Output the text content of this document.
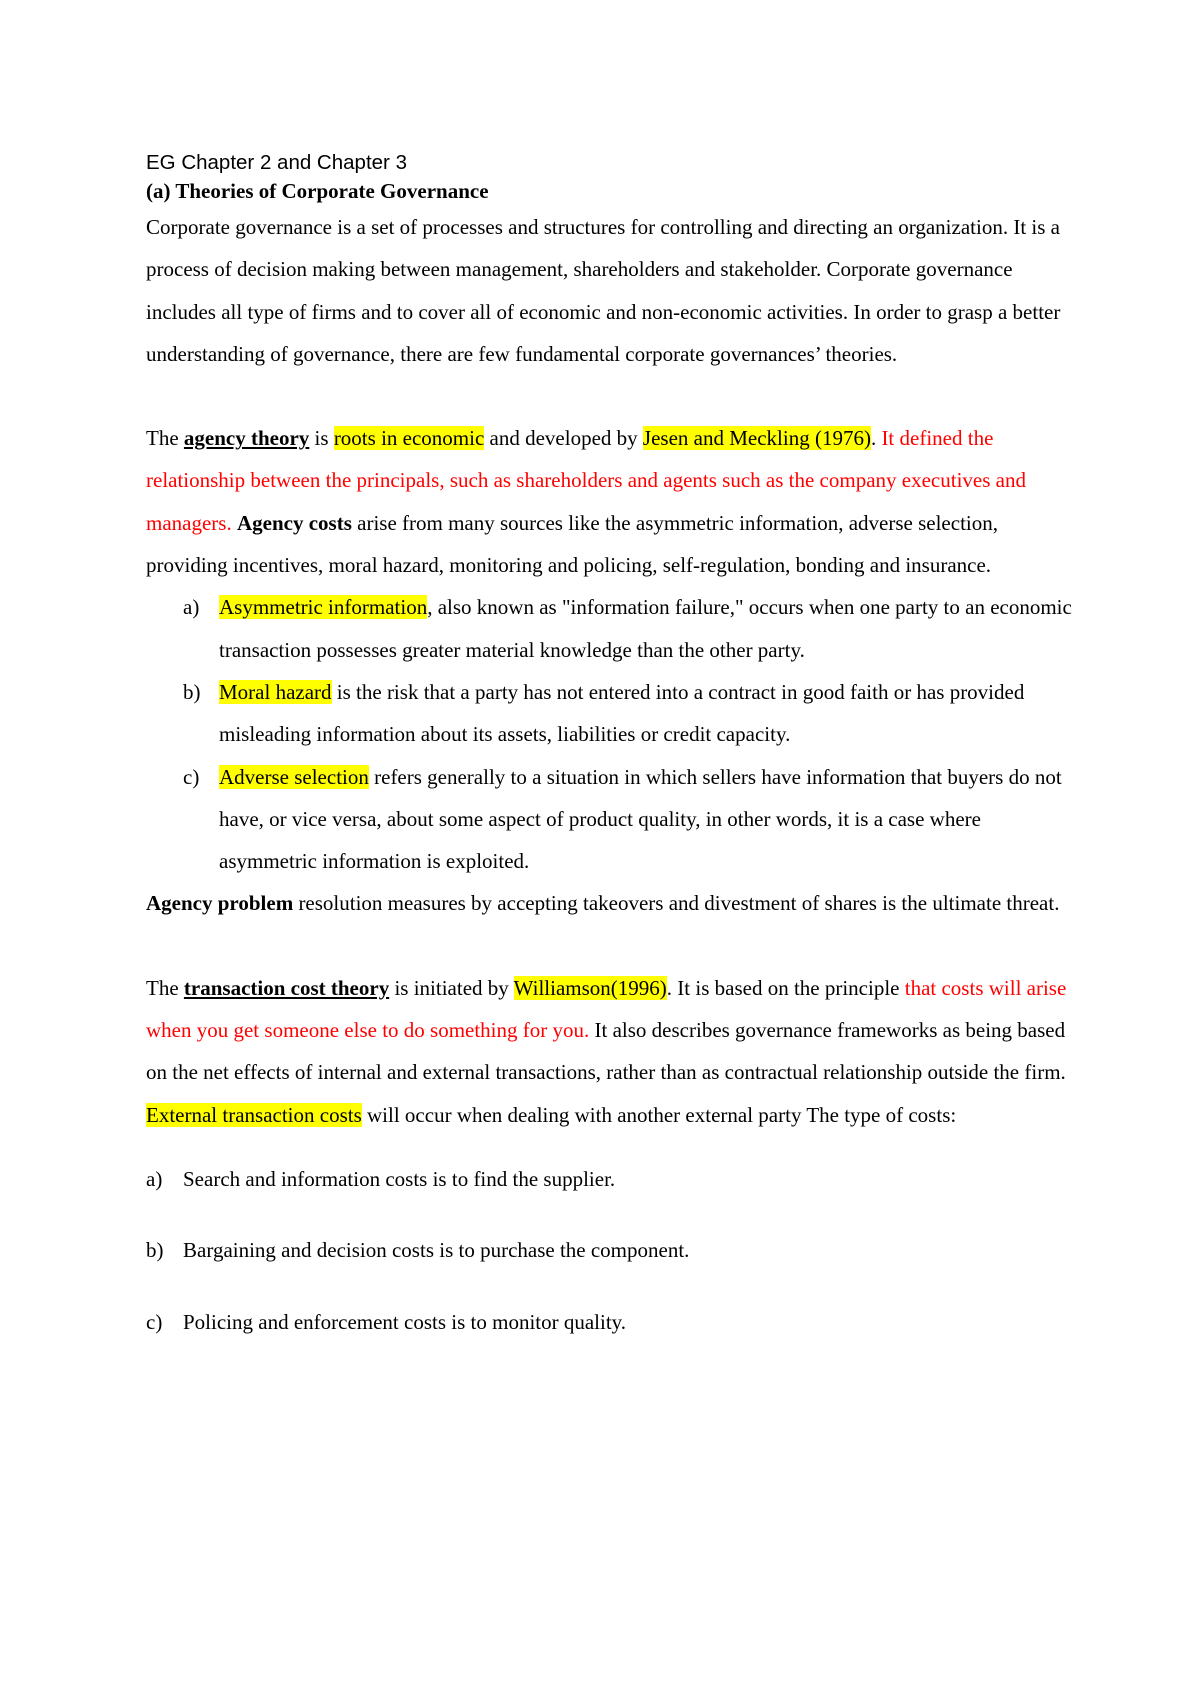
EG Chapter 2 and Chapter 3
(a) Theories of Corporate Governance

Corporate governance is a set of processes and structures for controlling and directing an organization. It is a process of decision making between management, shareholders and stakeholder. Corporate governance includes all type of firms and to cover all of economic and non-economic activities. In order to grasp a better understanding of governance, there are few fundamental corporate governances’ theories.

The agency theory is roots in economic and developed by Jesen and Meckling (1976). It defined the relationship between the principals, such as shareholders and agents such as the company executives and managers. Agency costs arise from many sources like the asymmetric information, adverse selection, providing incentives, moral hazard, monitoring and policing, self-regulation, bonding and insurance.

a) Asymmetric information, also known as "information failure," occurs when one party to an economic transaction possesses greater material knowledge than the other party.
b) Moral hazard is the risk that a party has not entered into a contract in good faith or has provided misleading information about its assets, liabilities or credit capacity.
c) Adverse selection refers generally to a situation in which sellers have information that buyers do not have, or vice versa, about some aspect of product quality, in other words, it is a case where asymmetric information is exploited.

Agency problem resolution measures by accepting takeovers and divestment of shares is the ultimate threat.

The transaction cost theory is initiated by Williamson(1996). It is based on the principle that costs will arise when you get someone else to do something for you. It also describes governance frameworks as being based on the net effects of internal and external transactions, rather than as contractual relationship outside the firm.

External transaction costs will occur when dealing with another external party The type of costs:

a) Search and information costs is to find the supplier.
b) Bargaining and decision costs is to purchase the component.
c) Policing and enforcement costs is to monitor quality.
